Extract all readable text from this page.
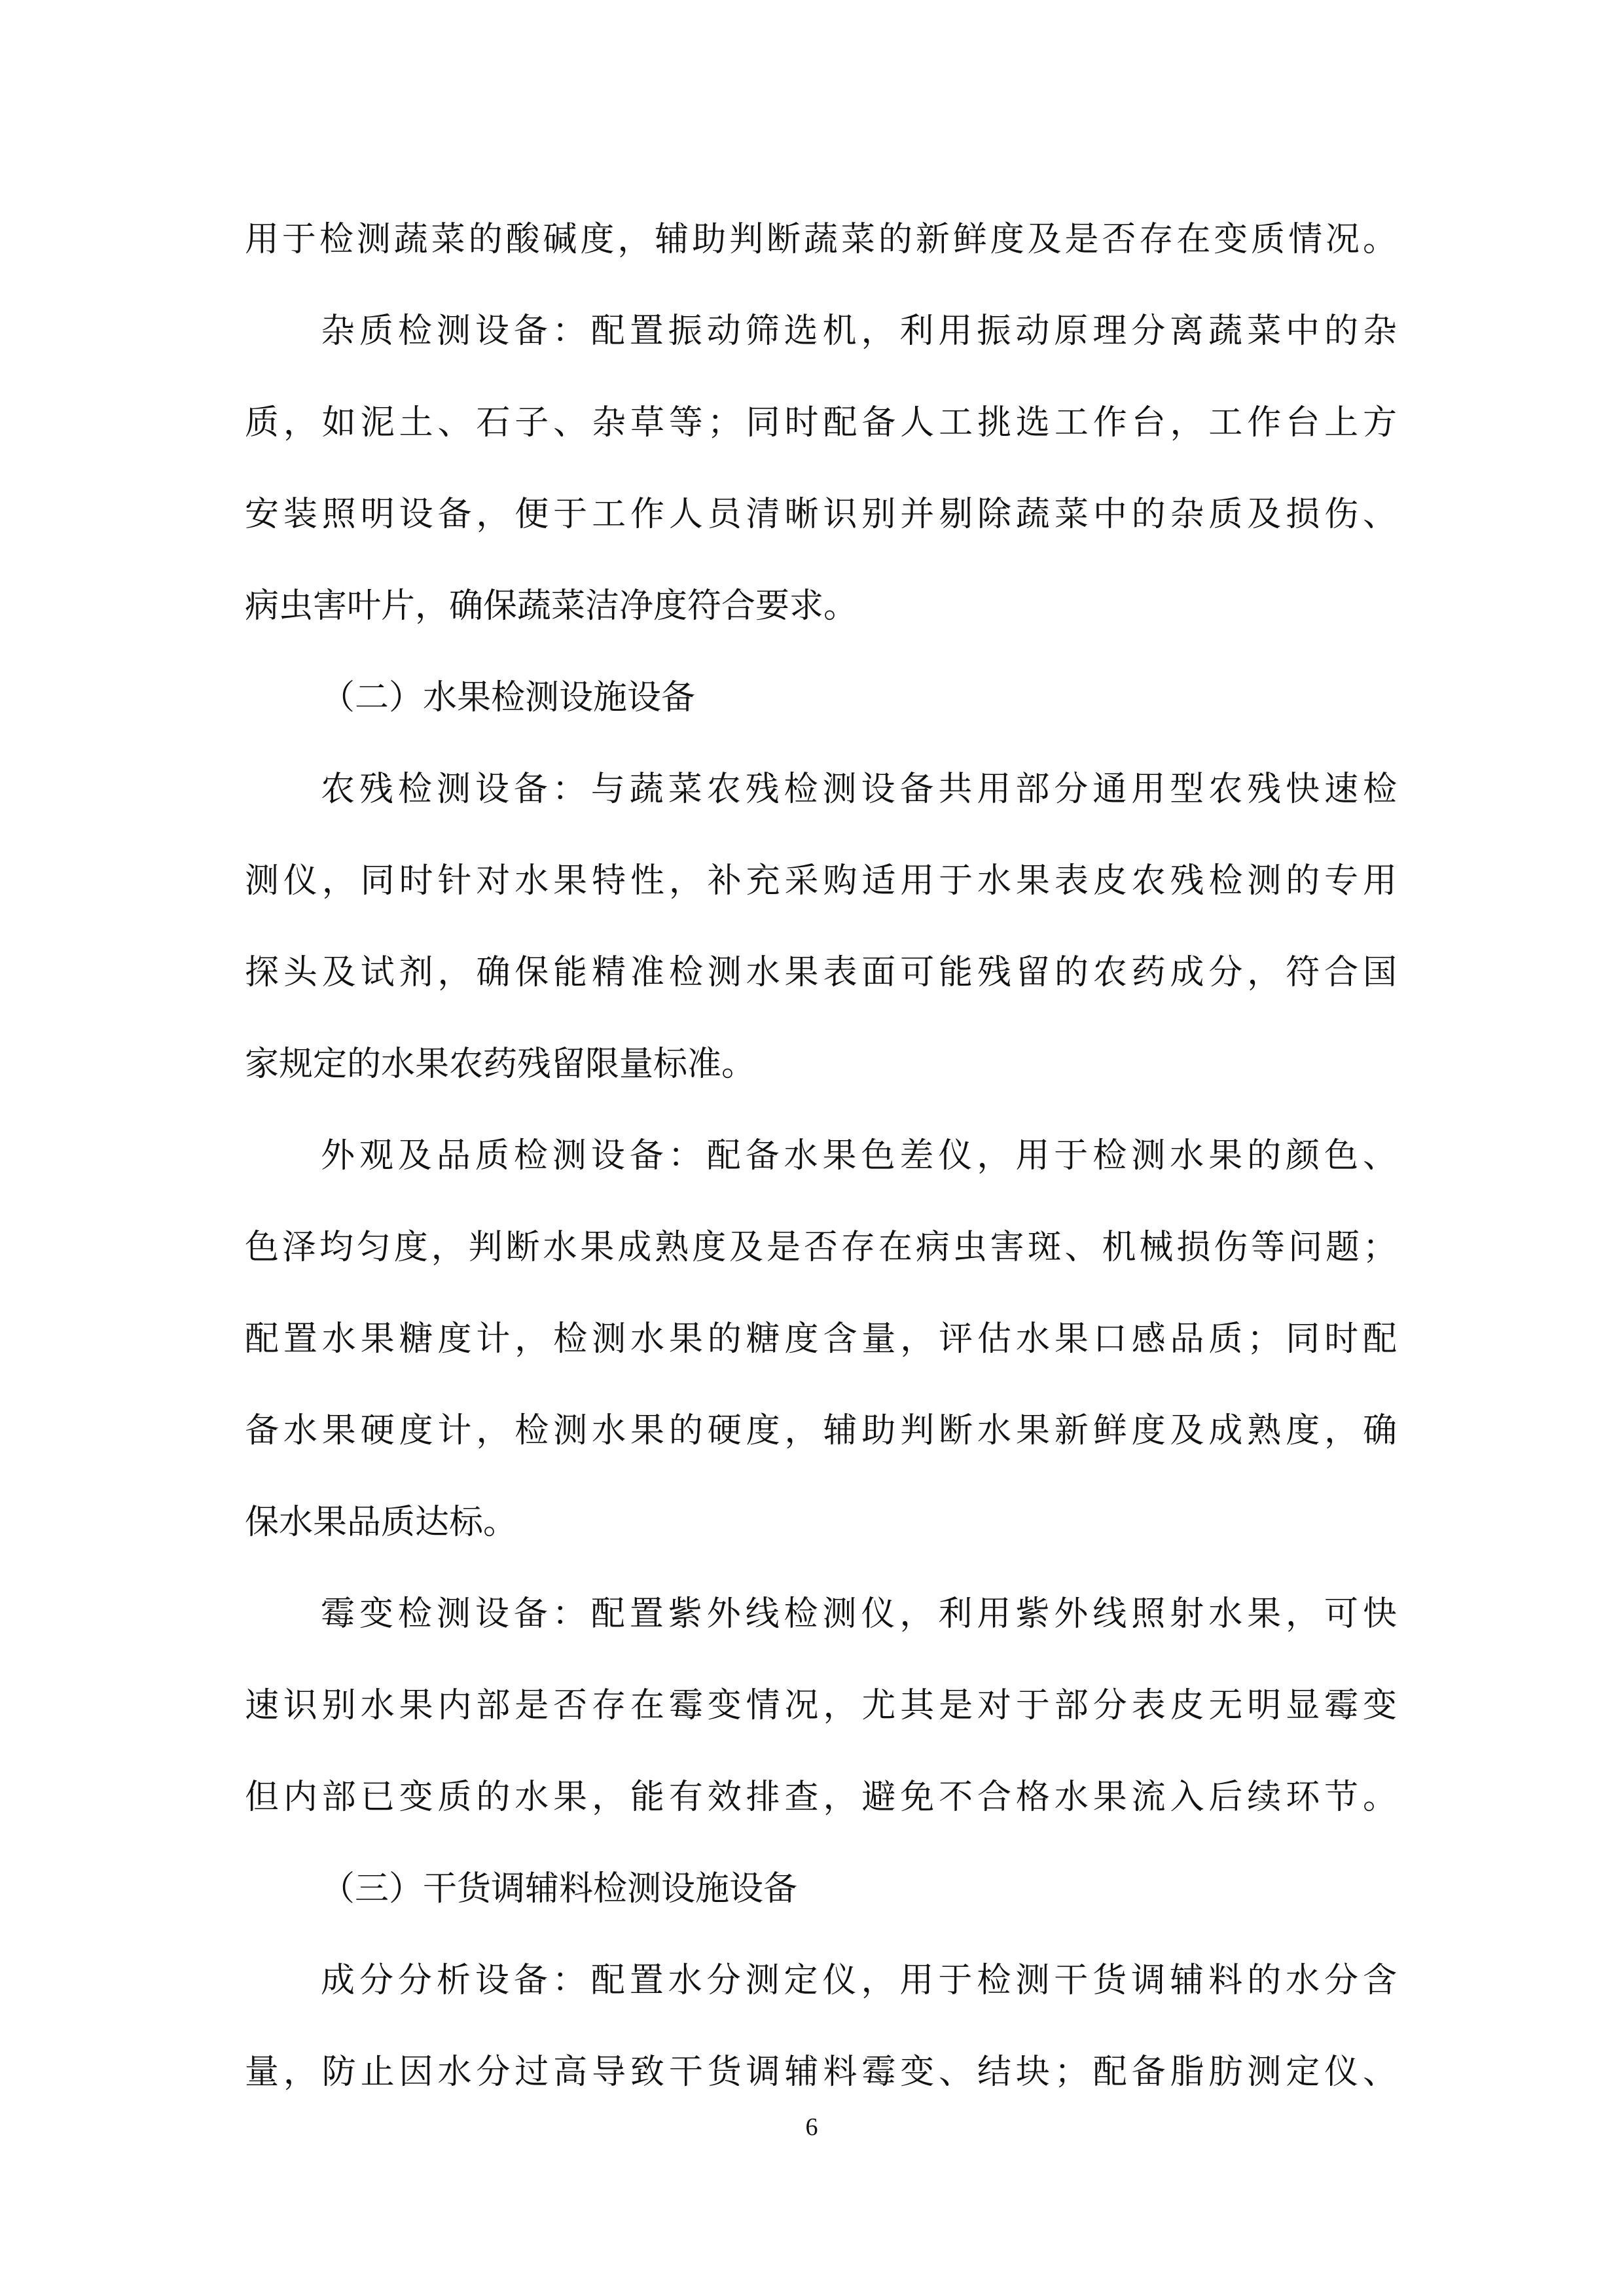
用于检测蔬菜的酸碱度，辅助判断蔬菜的新鲜度及是否存在变质情况。
杂质检测设备：配置振动筛选机，利用振动原理分离蔬菜中的杂
质，如泥土、石子、杂草等；同时配备人工挑选工作台，工作台上方
安装照明设备，便于工作人员清晰识别并剔除蔬菜中的杂质及损伤、
病虫害叶片，确保蔬菜洁净度符合要求。
（二）水果检测设施设备
农残检测设备：与蔬菜农残检测设备共用部分通用型农残快速检
测仪，同时针对水果特性，补充采购适用于水果表皮农残检测的专用
探头及试剂，确保能精准检测水果表面可能残留的农药成分，符合国
家规定的水果农药残留限量标准。
外观及品质检测设备：配备水果色差仪，用于检测水果的颜色、
色泽均匀度，判断水果成熟度及是否存在病虫害斑、机械损伤等问题；
配置水果糖度计，检测水果的糖度含量，评估水果口感品质；同时配
备水果硬度计，检测水果的硬度，辅助判断水果新鲜度及成熟度，确
保水果品质达标。
霉变检测设备：配置紫外线检测仪，利用紫外线照射水果，可快
速识别水果内部是否存在霉变情况，尤其是对于部分表皮无明显霉变
但内部已变质的水果，能有效排查，避免不合格水果流入后续环节。
（三）干货调辅料检测设施设备
成分分析设备：配置水分测定仪，用于检测干货调辅料的水分含
量，防止因水分过高导致干货调辅料霉变、结块；配备脂肪测定仪、
6
